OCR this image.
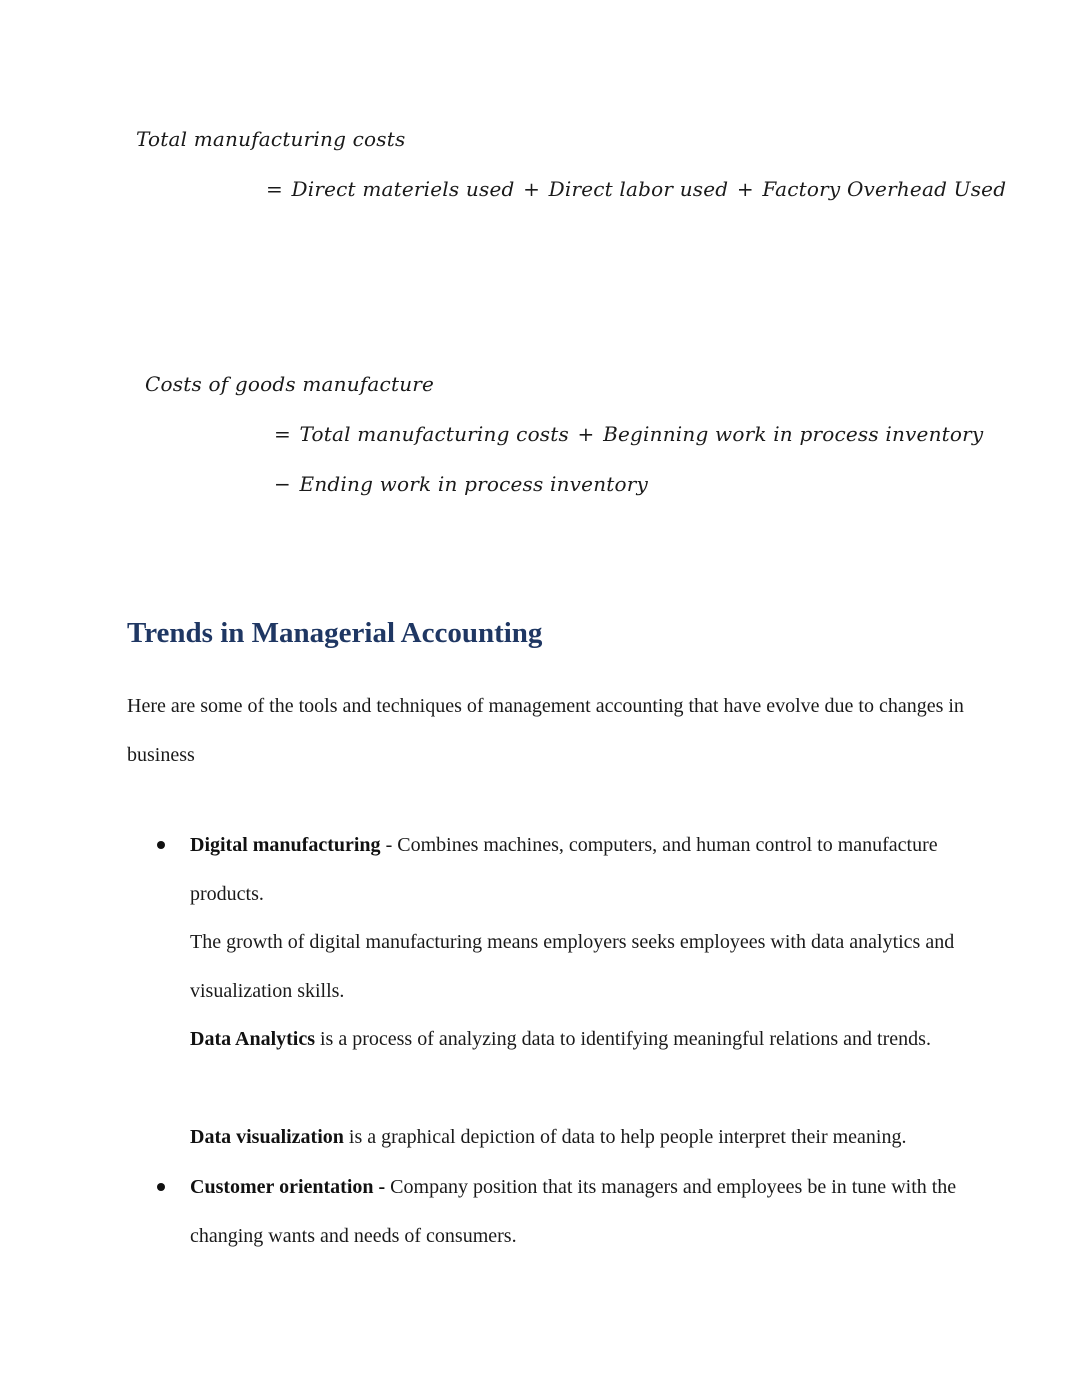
Total manufacturing costs
= Direct materiels used + Direct labor used + Factory Overhead Used
Costs of goods manufacture
= Total manufacturing costs + Beginning work in process inventory
− Ending work in process inventory
Trends in Managerial Accounting

Here are some of the tools and techniques of management accounting that have evolve due to changes in business

Digital manufacturing - Combines machines, computers, and human control to manufacture products.

The growth of digital manufacturing means employers seeks employees with data analytics and visualization skills.

Data Analytics is a process of analyzing data to identifying meaningful relations and trends.

Data visualization is a graphical depiction of data to help people interpret their meaning.

Customer orientation - Company position that its managers and employees be in tune with the changing wants and needs of consumers.
